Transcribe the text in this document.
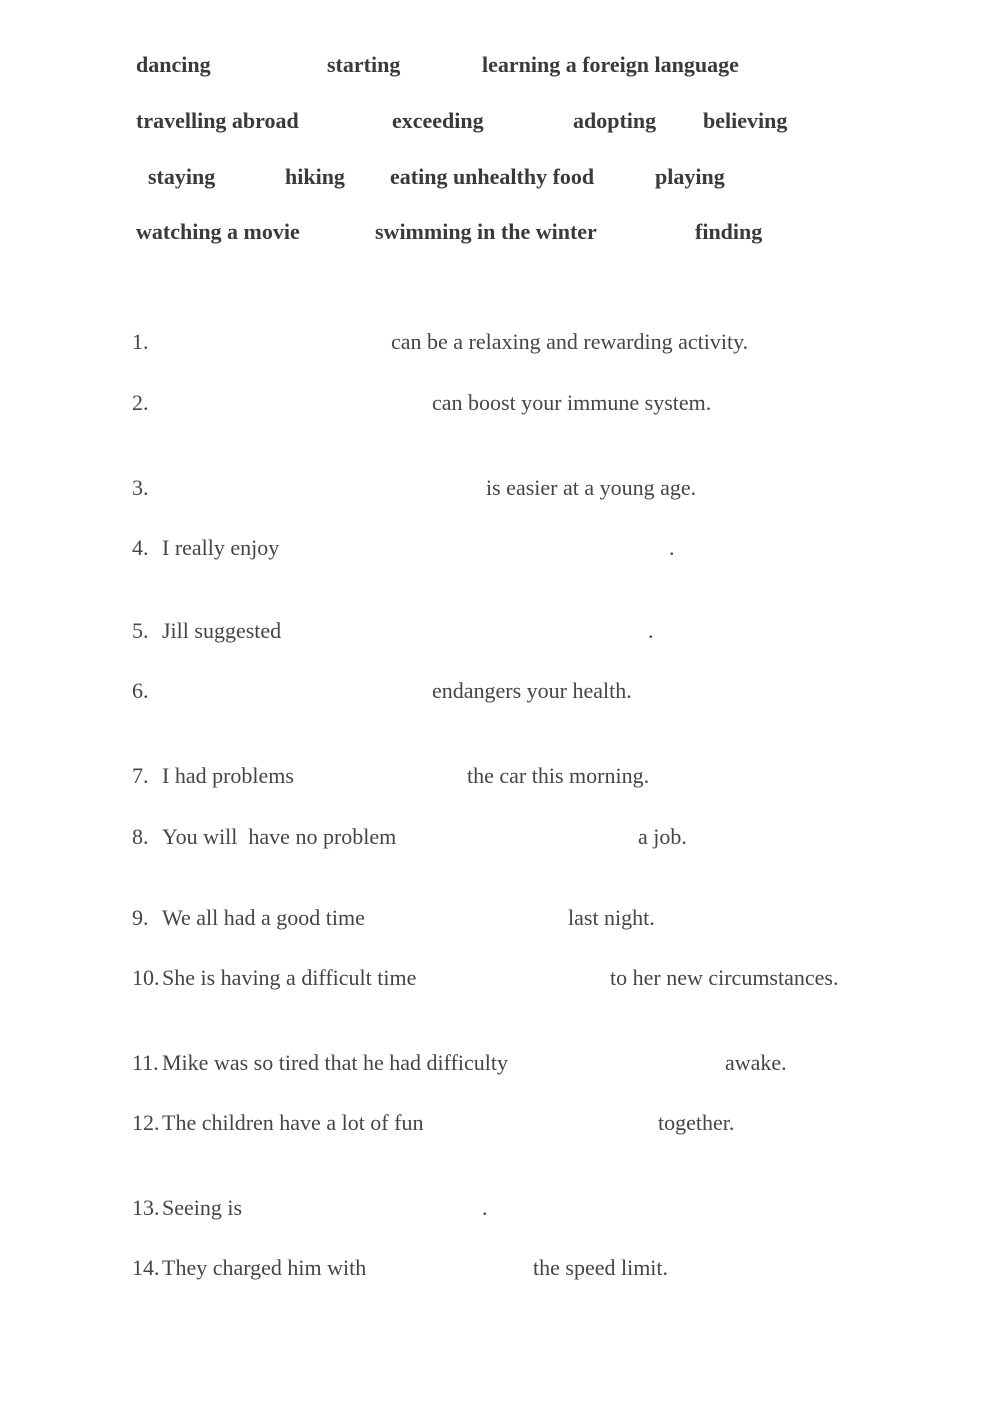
dancing	starting	learning a foreign language
travelling abroad	exceeding	adopting believing
staying	hiking eating unhealthy food	playing
watching a movie	swimming in the winter	finding
1.	can be a relaxing and rewarding activity.
2.	can boost your immune system.
3.	is easier at a young age.
4. I really enjoy	.
5. Jill suggested	.
6.	endangers your health.
7. I had problems	the car this morning.
8. You will  have no problem	a job.
9. We all had a good time	last night.
10. She is having a difficult time	to her new circumstances.
11. Mike was so tired that he had difficulty	awake.
12. The children have a lot of fun	together.
13. Seeing is	.
14. They charged him with	the speed limit.
